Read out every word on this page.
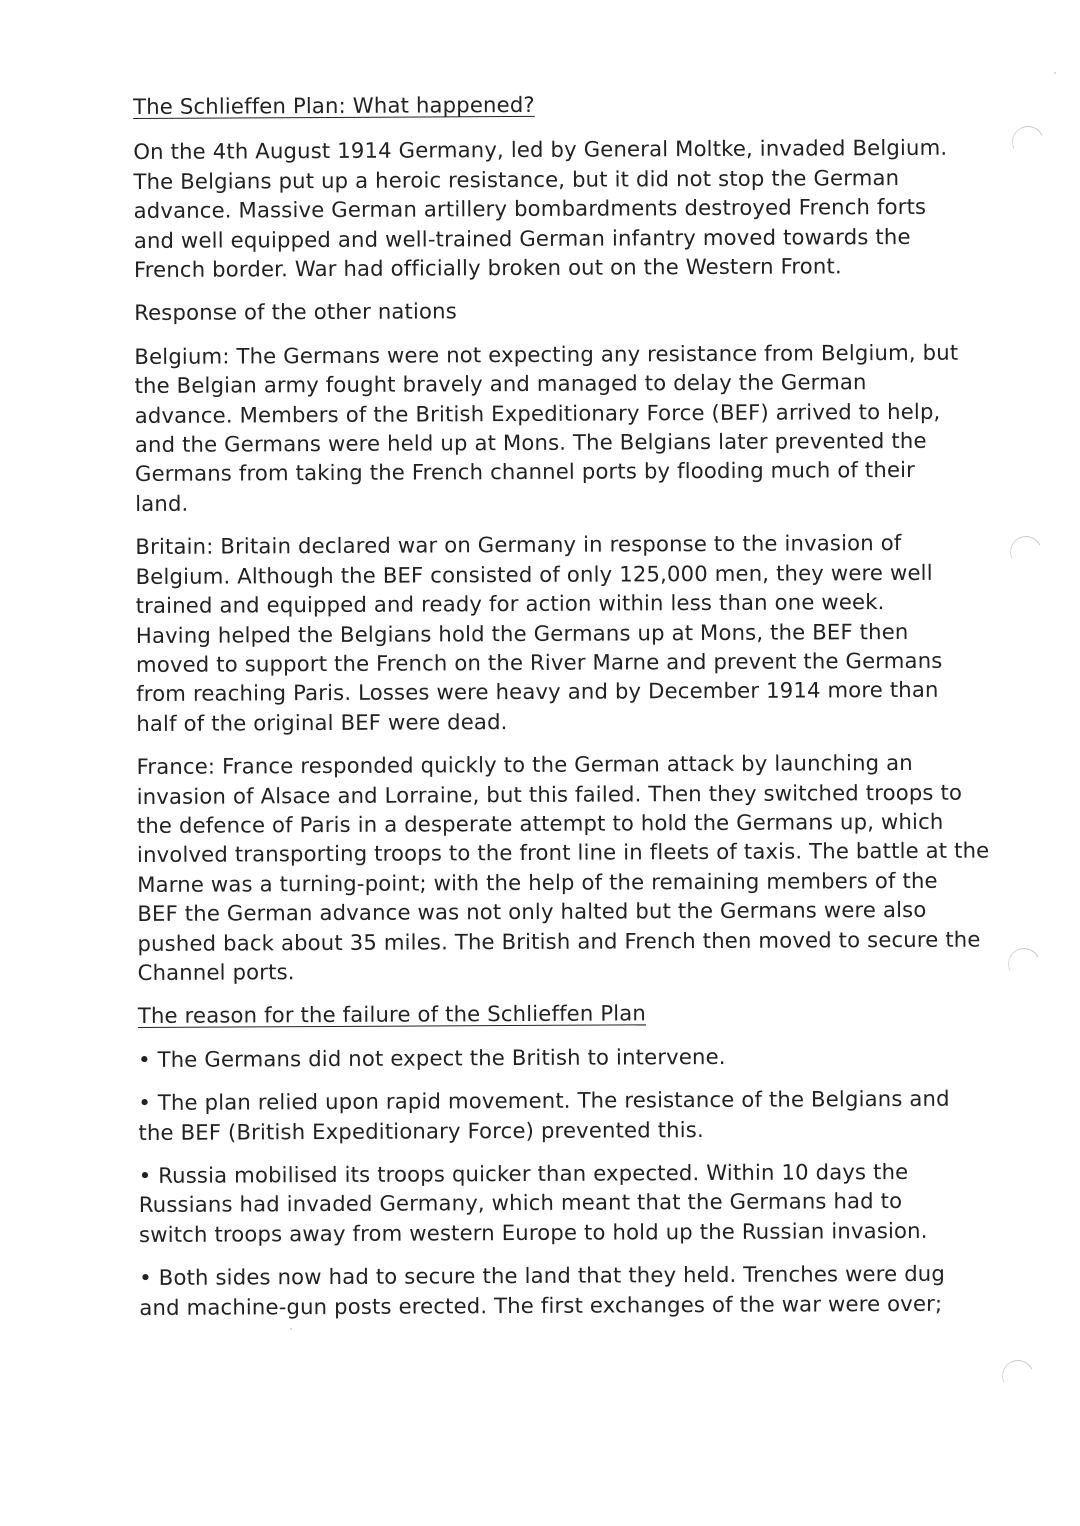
The Schlieffen Plan: What happened?
On the 4th August 1914 Germany, led by General Moltke, invaded Belgium.
The Belgians put up a heroic resistance, but it did not stop the German
advance. Massive German artillery bombardments destroyed French forts
and well equipped and well-trained German infantry moved towards the
French border. War had officially broken out on the Western Front.
Response of the other nations
Belgium: The Germans were not expecting any resistance from Belgium, but
the Belgian army fought bravely and managed to delay the German
advance. Members of the British Expeditionary Force (BEF) arrived to help,
and the Germans were held up at Mons. The Belgians later prevented the
Germans from taking the French channel ports by flooding much of their
land.
Britain: Britain declared war on Germany in response to the invasion of
Belgium. Although the BEF consisted of only 125,000 men, they were well
trained and equipped and ready for action within less than one week.
Having helped the Belgians hold the Germans up at Mons, the BEF then
moved to support the French on the River Marne and prevent the Germans
from reaching Paris. Losses were heavy and by December 1914 more than
half of the original BEF were dead.
France: France responded quickly to the German attack by launching an
invasion of Alsace and Lorraine, but this failed. Then they switched troops to
the defence of Paris in a desperate attempt to hold the Germans up, which
involved transporting troops to the front line in fleets of taxis. The battle at the
Marne was a turning-point; with the help of the remaining members of the
BEF the German advance was not only halted but the Germans were also
pushed back about 35 miles. The British and French then moved to secure the
Channel ports.
The reason for the failure of the Schlieffen Plan
• The Germans did not expect the British to intervene.
• The plan relied upon rapid movement. The resistance of the Belgians and
the BEF (British Expeditionary Force) prevented this.
• Russia mobilised its troops quicker than expected. Within 10 days the
Russians had invaded Germany, which meant that the Germans had to
switch troops away from western Europe to hold up the Russian invasion.
• Both sides now had to secure the land that they held. Trenches were dug
and machine-gun posts erected. The first exchanges of the war were over;
